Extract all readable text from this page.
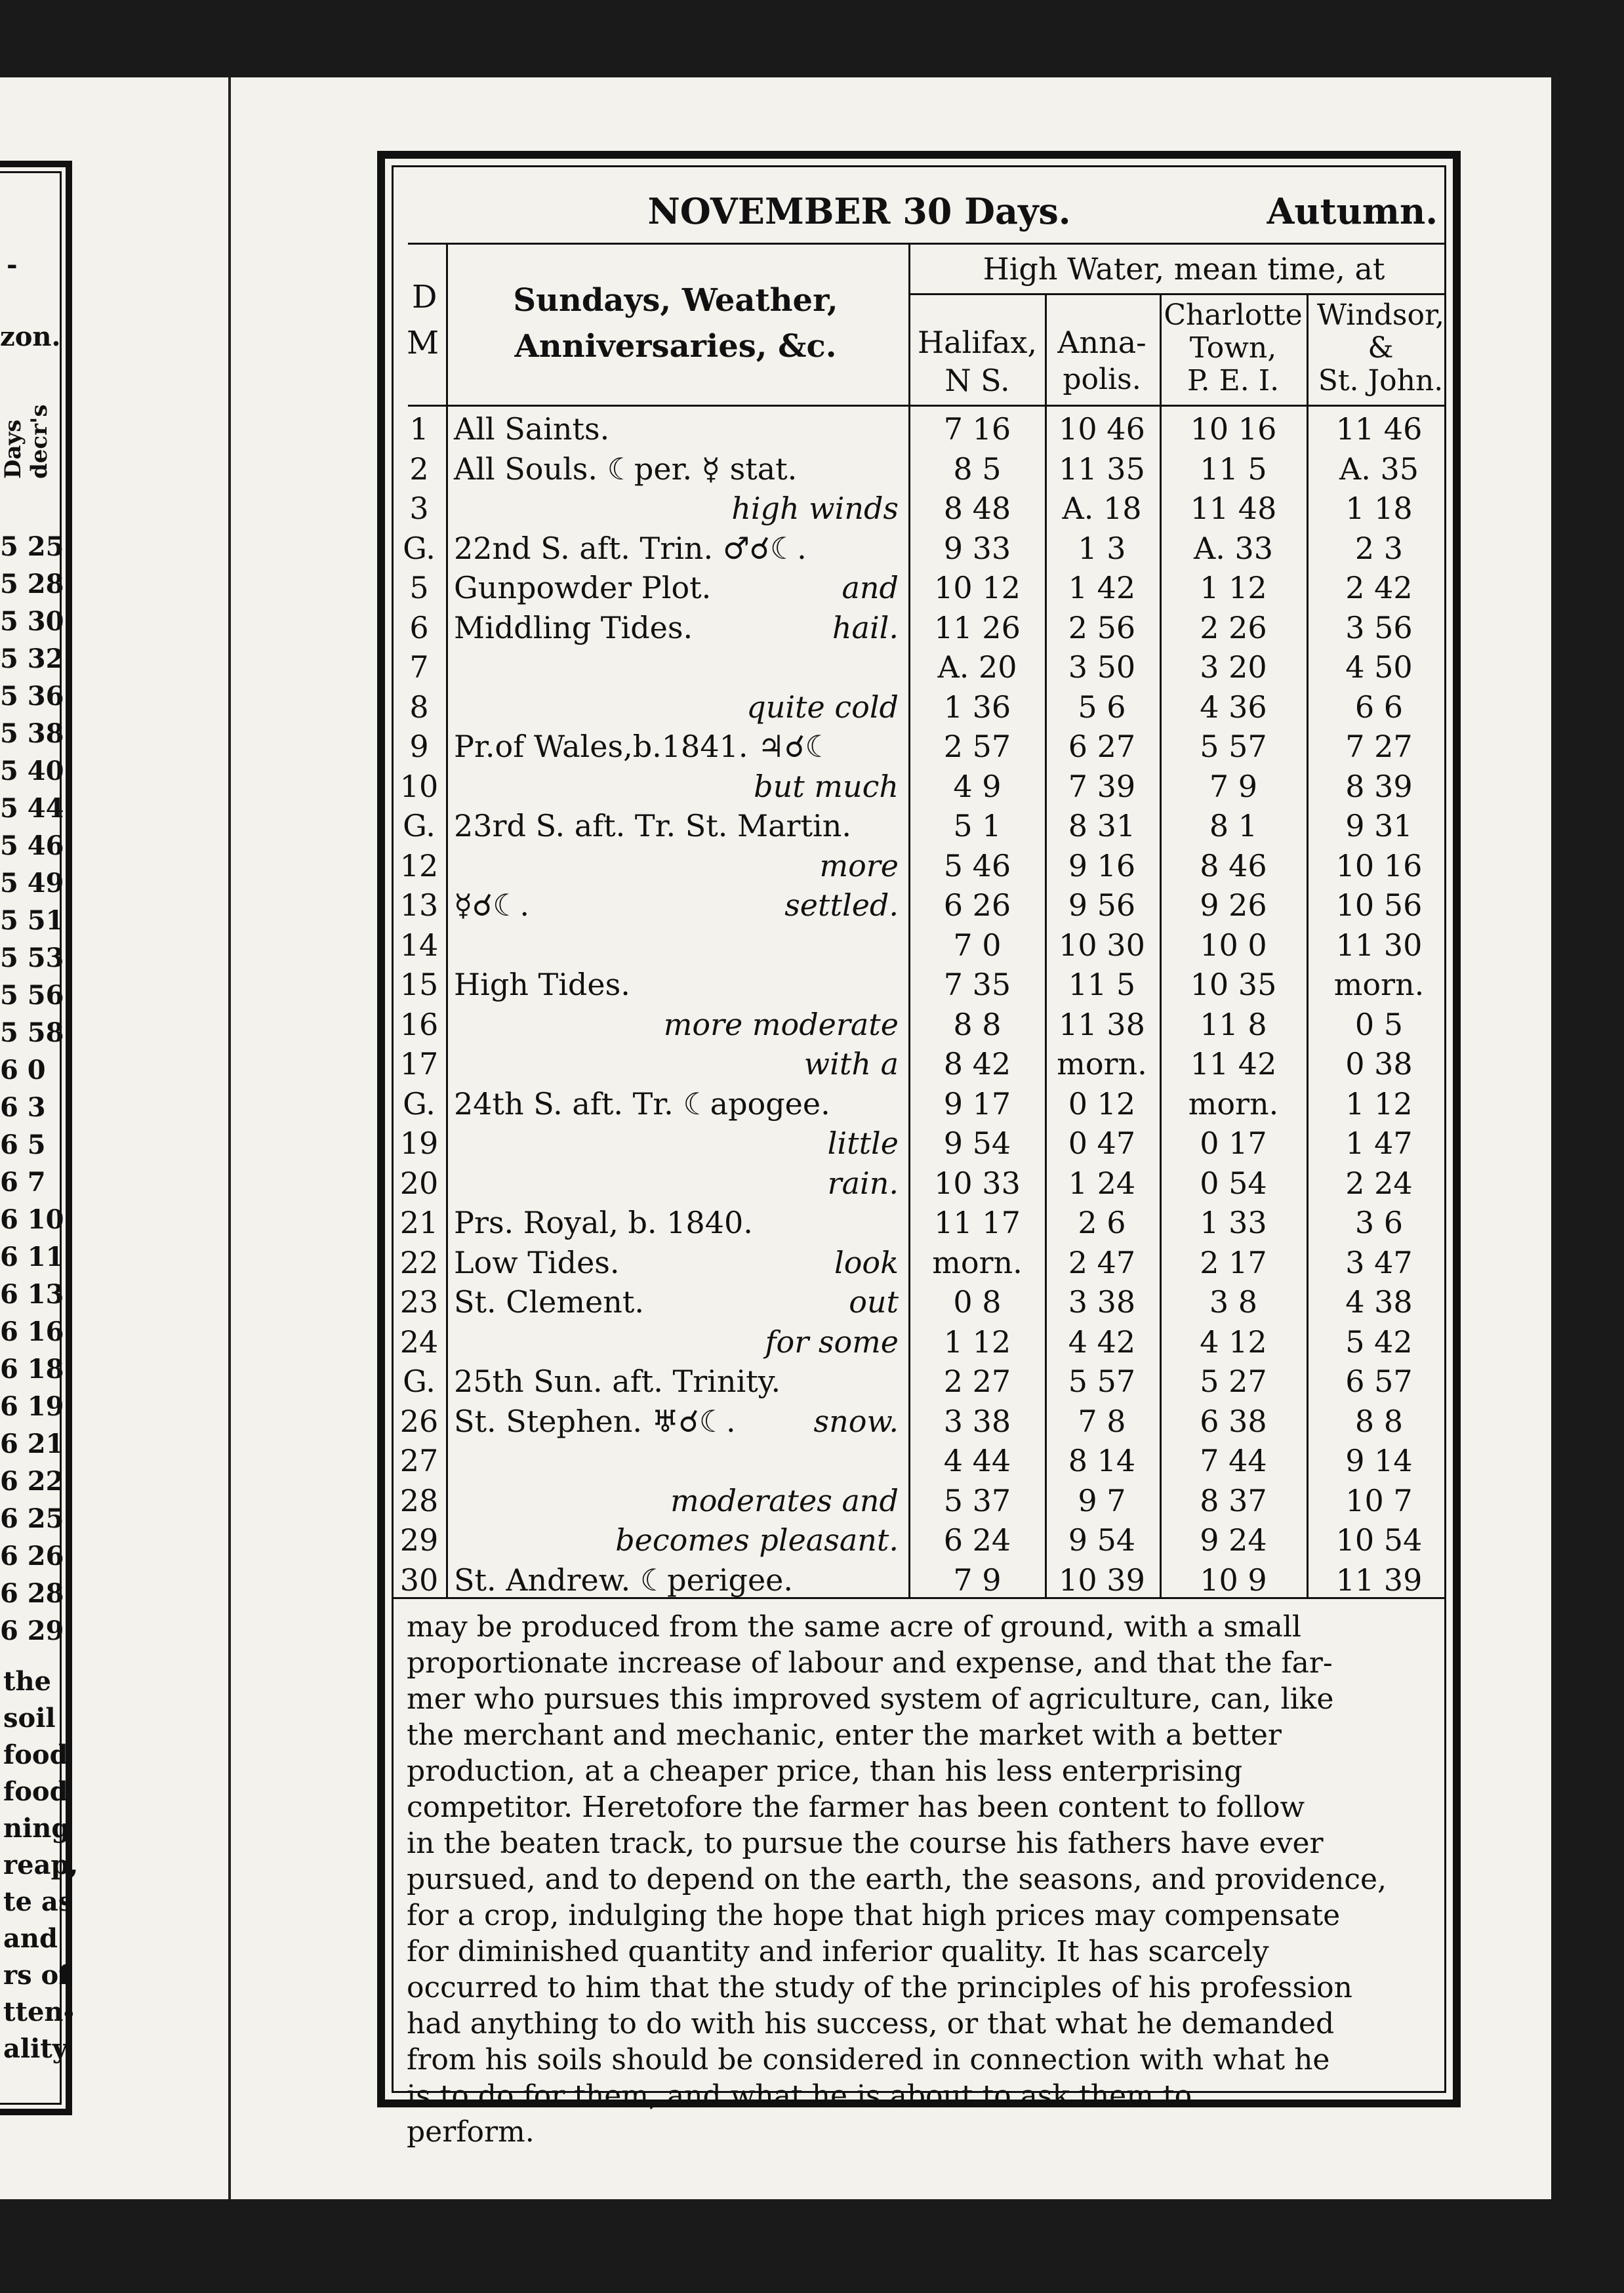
-
zon.
Days decr's
5 25
5 28
5 30
5 32
5 36
5 38
5 40
5 44
5 46
5 49
5 51
5 53
5 56
5 58
6 0
6 3
6 5
6 7
6 10
6 11
6 13
6 16
6 18
6 19
6 21
6 22
6 25
6 26
6 28
6 29
the
soil
food
food
ning
reap,
te as
and
rs of
tten-
ality,
NOVEMBER 30 Days.	Autumn.
D
M
Sundays, Weather,
Anniversaries, &c.
High Water, mean time, at
Halifax,
N S.
Anna-
polis.
Charlotte
Town,
P. E. I.
Windsor,
&
St. John.
1 All Saints.	7 16	10 46	10 16	11 46
2 All Souls. ☾per. ☿ stat.	8 5	11 35	11 5	A. 35
3	high winds	8 48	A. 18	11 48	1 18
G. 22nd S. aft. Trin. ♂☌☾.	9 33	1 3	A. 33	2 3
5 Gunpowder Plot.	and	10 12	1 42	1 12	2 42
6 Middling Tides.	hail.	11 26	2 56	2 26	3 56
7	A. 20	3 50	3 20	4 50
8	quite cold	1 36	5 6	4 36	6 6
9 Pr.of Wales,b.1841. ♃☌☾	2 57	6 27	5 57	7 27
10	but much	4 9	7 39	7 9	8 39
G. 23rd S. aft. Tr. St. Martin.	5 1	8 31	8 1	9 31
12	more	5 46	9 16	8 46	10 16
13 ☿☌☾.	settled.	6 26	9 56	9 26	10 56
14	7 0	10 30	10 0	11 30
15 High Tides.	7 35	11 5	10 35	morn.
16	more moderate	8 8	11 38	11 8	0 5
17	with a	8 42	morn.	11 42	0 38
G. 24th S. aft. Tr. ☾apogee.	9 17	0 12	morn.	1 12
19	little	9 54	0 47	0 17	1 47
20	rain.	10 33	1 24	0 54	2 24
21 Prs. Royal, b. 1840.	11 17	2 6	1 33	3 6
22 Low Tides.	look	morn.	2 47	2 17	3 47
23 St. Clement.	out	0 8	3 38	3 8	4 38
24	for some	1 12	4 42	4 12	5 42
G. 25th Sun. aft. Trinity.	2 27	5 57	5 27	6 57
26 St. Stephen. ♅☌☾.	snow.	3 38	7 8	6 38	8 8
27	4 44	8 14	7 44	9 14
28	moderates and	5 37	9 7	8 37	10 7
29	becomes pleasant.	6 24	9 54	9 24	10 54
30 St. Andrew. ☾perigee.	7 9	10 39	10 9	11 39
may be produced from the same acre of ground, with a small
proportionate increase of labour and expense, and that the far-
mer who pursues this improved system of agriculture, can, like
the merchant and mechanic, enter the market with a better
production, at a cheaper price, than his less enterprising
competitor. Heretofore the farmer has been content to follow
in the beaten track, to pursue the course his fathers have ever
pursued, and to depend on the earth, the seasons, and providence,
for a crop, indulging the hope that high prices may compensate
for diminished quantity and inferior quality. It has scarcely
occurred to him that the study of the principles of his profession
had anything to do with his success, or that what he demanded
from his soils should be considered in connection with what he
is to do for them, and what he is about to ask them to
perform.
